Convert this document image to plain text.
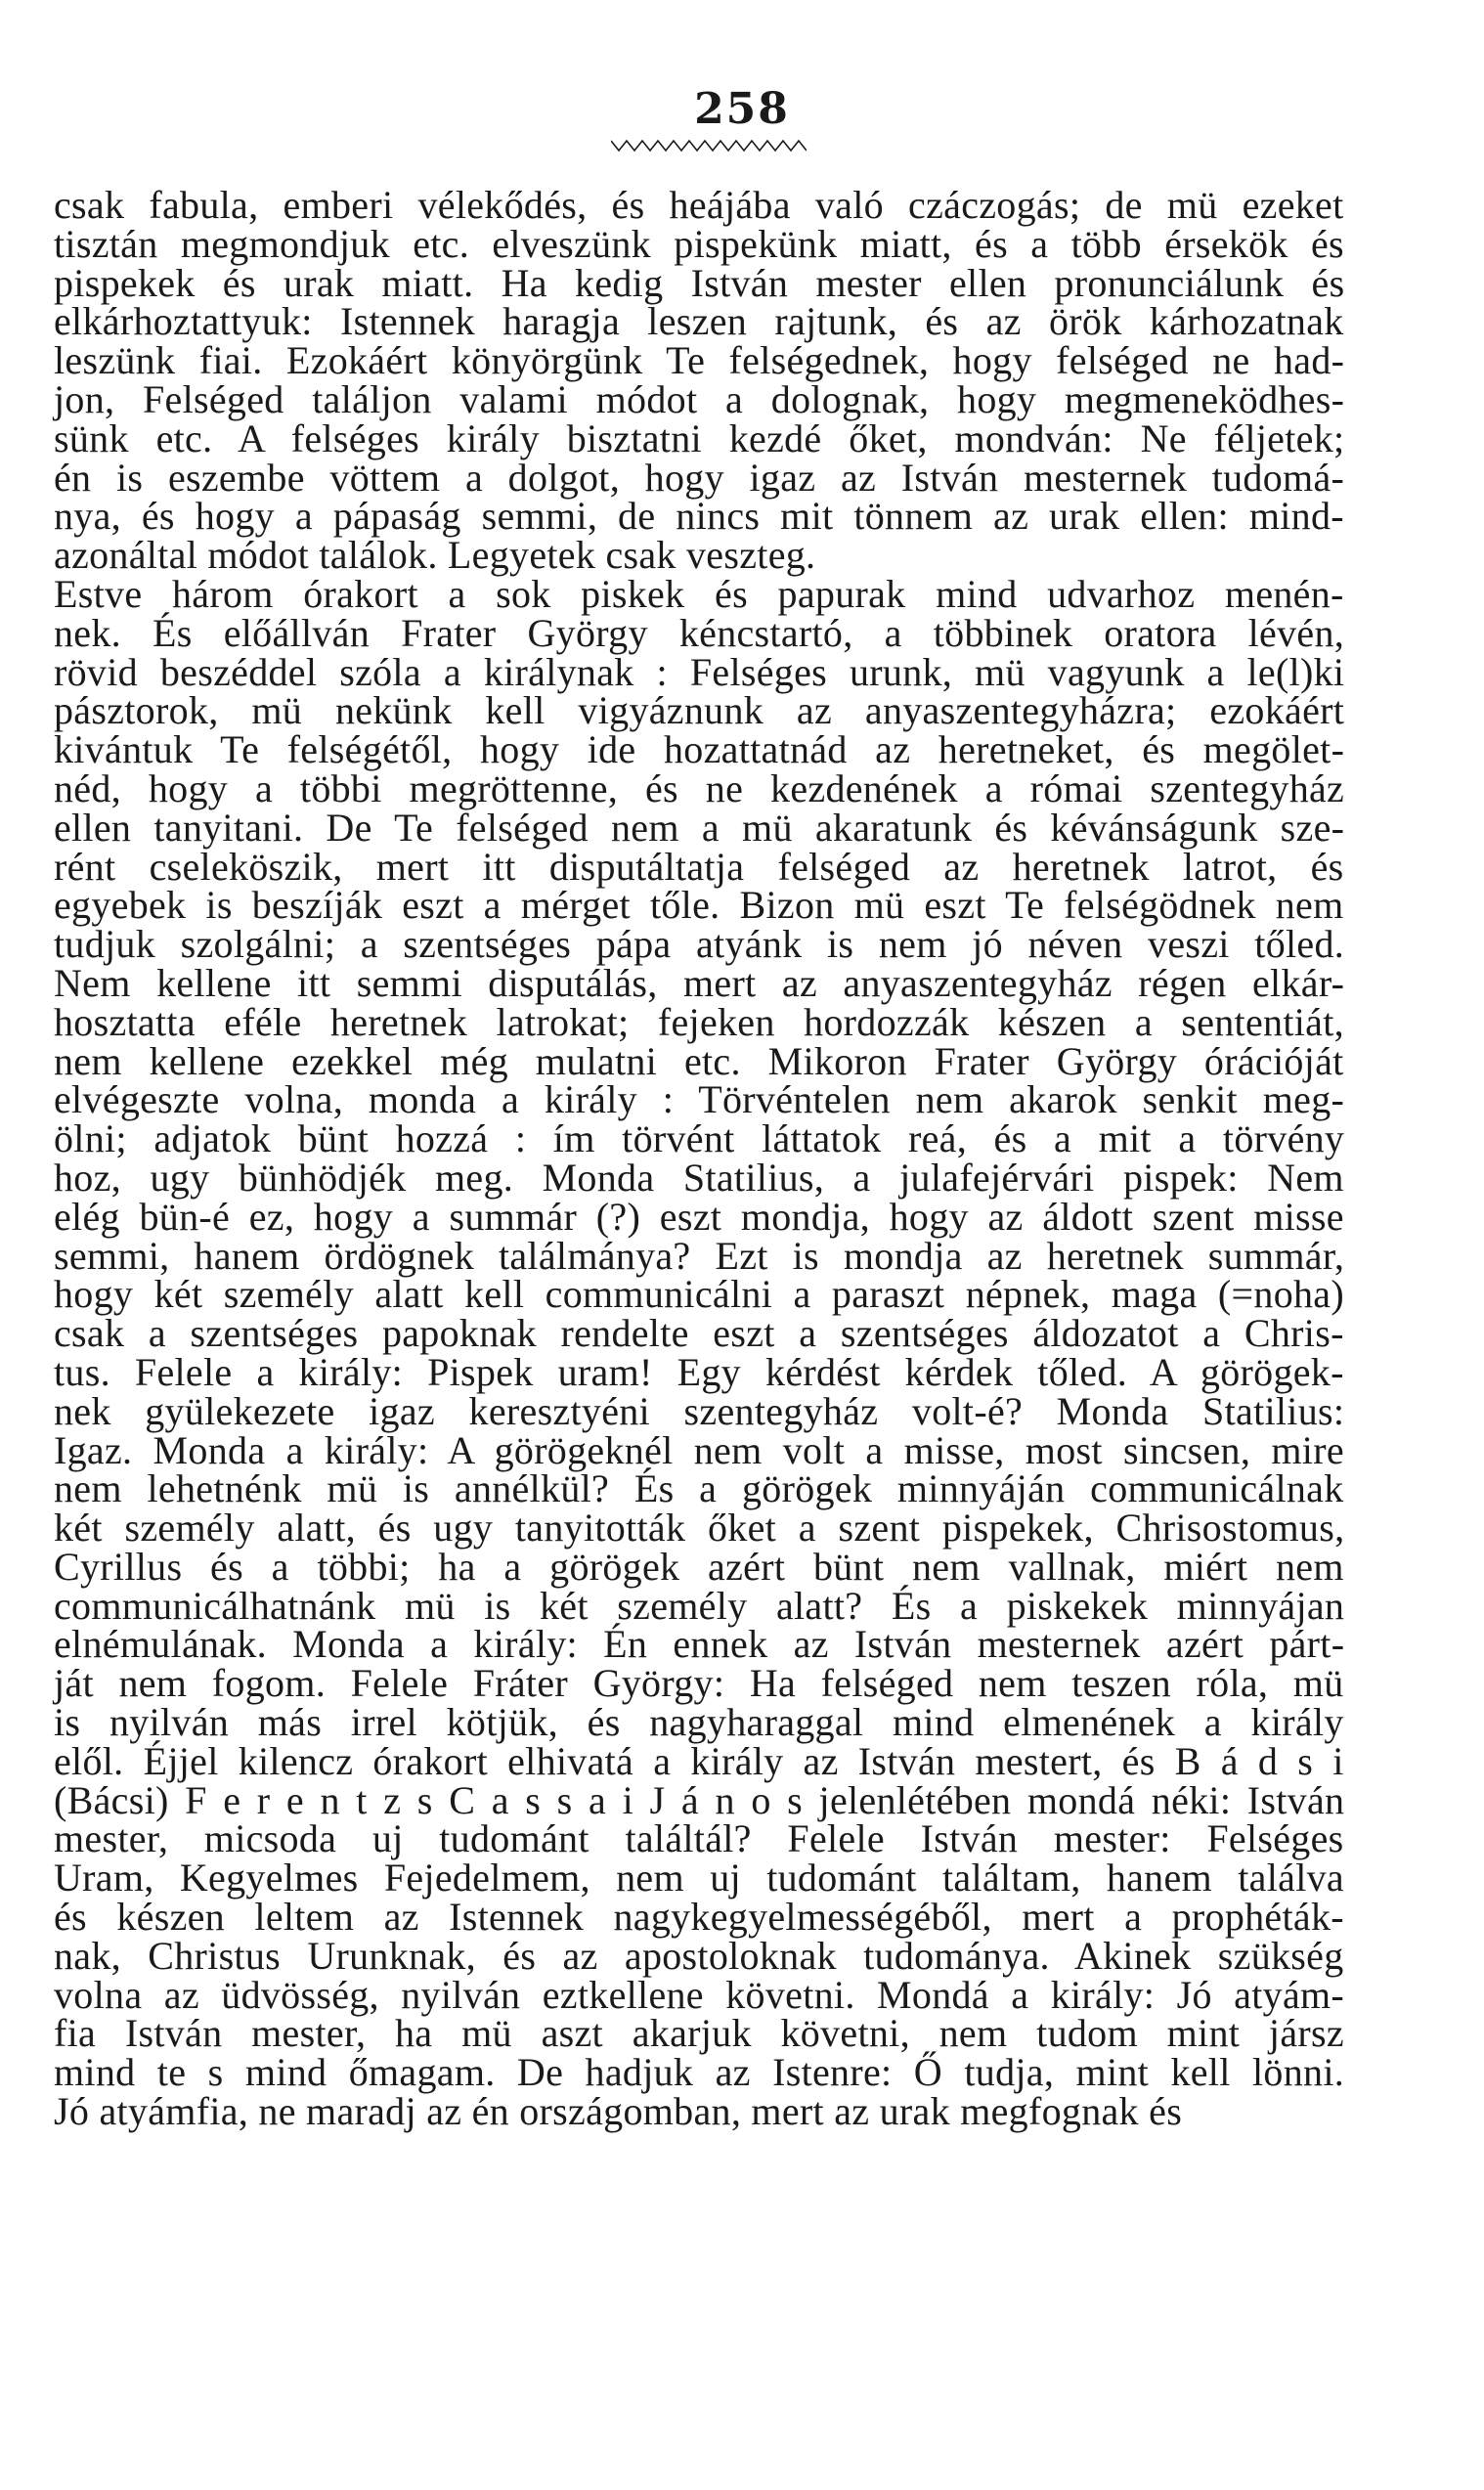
258

csak fabula, emberi vélekődés, és heájába való czáczogás; de mü ezeket
tisztán megmondjuk etc. elveszünk pispekünk miatt, és a több érsekök és
pispekek és urak miatt. Ha kedig István mester ellen pronunciálunk és
elkárhoztattyuk: Istennek haragja leszen rajtunk, és az örök kárhozatnak
leszünk fiai. Ezokáért könyörgünk Te felségednek, hogy felséged ne had-
jon, Felséged találjon valami módot a dolognak, hogy megmeneködhes-
sünk etc. A felséges király bisztatni kezdé őket, mondván: Ne féljetek;
én is eszembe vöttem a dolgot, hogy igaz az István mesternek tudomá-
nya, és hogy a pápaság semmi, de nincs mit tönnem az urak ellen: mind-
azonáltal módot találok. Legyetek csak veszteg.

Estve három órakort a sok piskek és papurak mind udvarhoz menén-
nek. És előállván Frater György kéncstartó, a többinek oratora lévén,
rövid beszéddel szóla a királynak : Felséges urunk, mü vagyunk a le(l)ki
pásztorok, mü nekünk kell vigyáznunk az anyaszentegyházra; ezokáért
kivántuk Te felségétől, hogy ide hozattatnád az heretneket, és megölet-
néd, hogy a többi megröttenne, és ne kezdenének a római szentegyház
ellen tanyitani. De Te felséged nem a mü akaratunk és kévánságunk sze-
rént cseleköszik, mert itt disputáltatja felséged az heretnek latrot, és
egyebek is beszíják eszt a mérget tőle. Bizon mü eszt Te felségödnek nem
tudjuk szolgálni; a szentséges pápa atyánk is nem jó néven veszi tőled.
Nem kellene itt semmi disputálás, mert az anyaszentegyház régen elkár-
hosztatta eféle heretnek latrokat; fejeken hordozzák készen a sententiát,
nem kellene ezekkel még mulatni etc. Mikoron Frater György órációját
elvégeszte volna, monda a király : Törvéntelen nem akarok senkit meg-
ölni; adjatok bünt hozzá : ím törvént láttatok reá, és a mit a törvény
hoz, ugy bünhödjék meg. Monda Statilius, a julafejérvári pispek: Nem
elég bün-é ez, hogy a summár (?) eszt mondja, hogy az áldott szent misse
semmi, hanem ördögnek találmánya? Ezt is mondja az heretnek summár,
hogy két személy alatt kell communicálni a paraszt népnek, maga (=noha)
csak a szentséges papoknak rendelte eszt a szentséges áldozatot a Chris-
tus. Felele a király: Pispek uram! Egy kérdést kérdek tőled. A görögek-
nek gyülekezete igaz keresztyéni szentegyház volt-é? Monda Statilius:
Igaz. Monda a király: A görögeknél nem volt a misse, most sincsen, mire
nem lehetnénk mü is annélkül? És a görögek minnyáján communicálnak
két személy alatt, és ugy tanyitották őket a szent pispekek, Chrisostomus,
Cyrillus és a többi; ha a görögek azért bünt nem vallnak, miért nem
communicálhatnánk mü is két személy alatt? És a piskekek minnyájan
elnémulának. Monda a király: Én ennek az István mesternek azért párt-
ját nem fogom. Felele Fráter György: Ha felséged nem teszen róla, mü
is nyilván más irrel kötjük, és nagyharaggal mind elmenének a király
elől. Éjjel kilencz órakort elhivatá a király az István mestert, és B á d s i
(Bácsi) F e r e n t z s C a s s a i J á n o s jelenlétében mondá néki: István
mester, micsoda uj tudománt találtál? Felele István mester: Felséges
Uram, Kegyelmes Fejedelmem, nem uj tudománt találtam, hanem találva
és készen leltem az Istennek nagykegyelmességéből, mert a prophéták-
nak, Christus Urunknak, és az apostoloknak tudománya. Akinek szükség
volna az üdvösség, nyilván eztkellene követni. Mondá a király: Jó atyám-
fia István mester, ha mü aszt akarjuk követni, nem tudom mint jársz
mind te s mind őmagam. De hadjuk az Istenre: Ő tudja, mint kell lönni.
Jó atyámfia, ne maradj az én országomban, mert az urak megfognak és
